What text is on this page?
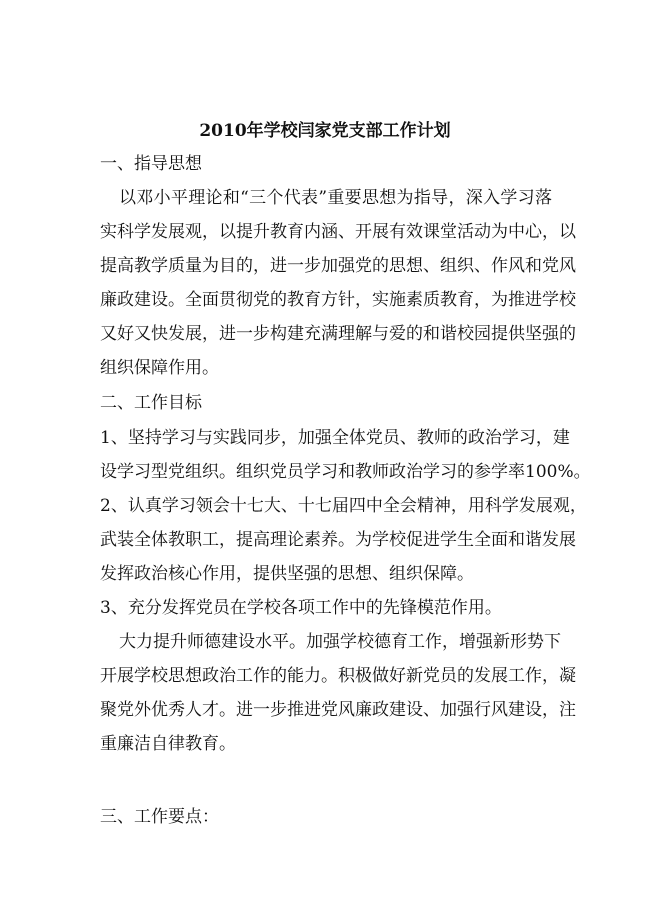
2010年学校闫家党支部工作计划
一、指导思想
以邓小平理论和“三个代表”重要思想为指导，深入学习落
实科学发展观，以提升教育内涵、开展有效课堂活动为中心，以
提高教学质量为目的，进一步加强党的思想、组织、作风和党风
廉政建设。全面贯彻党的教育方针，实施素质教育，为推进学校
又好又快发展，进一步构建充满理解与爱的和谐校园提供坚强的
组织保障作用。
二、工作目标
1、坚持学习与实践同步，加强全体党员、教师的政治学习，建
设学习型党组织。组织党员学习和教师政治学习的参学率100%。
2、认真学习领会十七大、十七届四中全会精神，用科学发展观，
武装全体教职工，提高理论素养。为学校促进学生全面和谐发展
发挥政治核心作用，提供坚强的思想、组织保障。
3、充分发挥党员在学校各项工作中的先锋模范作用。
大力提升师德建设水平。加强学校德育工作，增强新形势下
开展学校思想政治工作的能力。积极做好新党员的发展工作，凝
聚党外优秀人才。进一步推进党风廉政建设、加强行风建设，注
重廉洁自律教育。
三、工作要点：
